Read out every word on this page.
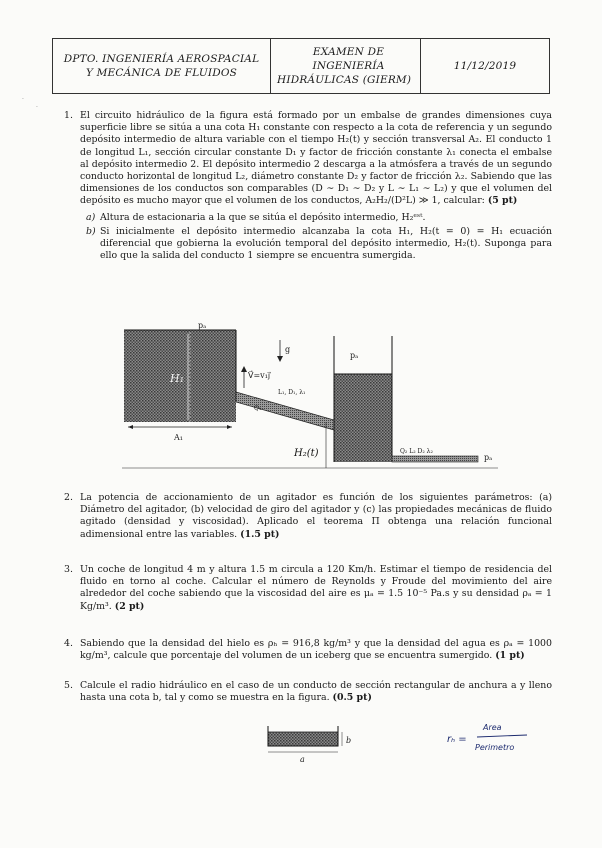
·
·
DPTO. INGENIERÍA AEROSPACIAL
Y MECÁNICA DE FLUIDOS
EXAMEN DE INGENIERÍA
HIDRÁULICAS (GIERM)
11/12/2019
1. El circuito hidráulico de la figura está formado por un embalse de grandes dimensiones cuya superficie libre se sitúa a una cota H₁ constante con respecto a la cota de referencia y un segundo depósito intermedio de altura variable con el tiempo H₂(t) y sección transversal A₂. El conducto 1 de longitud L₁, sección circular constante D₁ y factor de fricción constante λ₁ conecta el embalse al depósito intermedio 2. El depósito intermedio 2 descarga a la atmósfera a través de un segundo conducto horizontal de longitud L₂, diámetro constante D₂ y factor de fricción λ₂. Sabiendo que las dimensiones de los conductos son comparables (D ∼ D₁ ∼ D₂ y L ∼ L₁ ∼ L₂) y que el volumen del depósito es mucho mayor que el volumen de los conductos, A₂H₂/(D²L) ≫ 1, calcular: (5 pt)
a) Altura de estacionaria a la que se sitúa el depósito intermedio, H₂ᵉˢᵗ.
b) Si inicialmente el depósito intermedio alcanzaba la cota H₁, H₂(t = 0) = H₁ ecuación diferencial que gobierna la evolución temporal del depósito intermedio, H₂(t). Suponga para ello que la salida del conducto 1 siempre se encuentra sumergida.
pₐ
H₁
A₁
g
V⃗=v₁j⃗
L₁, D₁, λ₁
Q₁
pₐ
H₂(t)	Q₂ L₂ D₂ λ₂
pₐ
2. La potencia de accionamiento de un agitador es función de los siguientes parámetros: (a) Diámetro del agitador, (b) velocidad de giro del agitador y (c) las propiedades mecánicas de fluido agitado (densidad y viscosidad). Aplicado el teorema Π obtenga una relación funcional adimensional entre las variables. (1.5 pt)
3. Un coche de longitud 4 m y altura 1.5 m circula a 120 Km/h. Estimar el tiempo de residencia del fluido en torno al coche. Calcular el número de Reynolds y Froude del movimiento del aire alrededor del coche sabiendo que la viscosidad del aire es μₐ = 1.5 10⁻⁵ Pa.s y su densidad ρₐ = 1 Kg/m³. (2 pt)
4. Sabiendo que la densidad del hielo es ρₕ = 916,8 kg/m³ y que la densidad del agua es ρₐ = 1000 kg/m³, calcule que porcentaje del volumen de un iceberg que se encuentra sumergido. (1 pt)
5. Calcule el radio hidráulico en el caso de un conducto de sección rectangular de anchura a y lleno hasta una cota b, tal y como se muestra en la figura. (0.5 pt)
b
a
rₕ =
Area
Perimetro
